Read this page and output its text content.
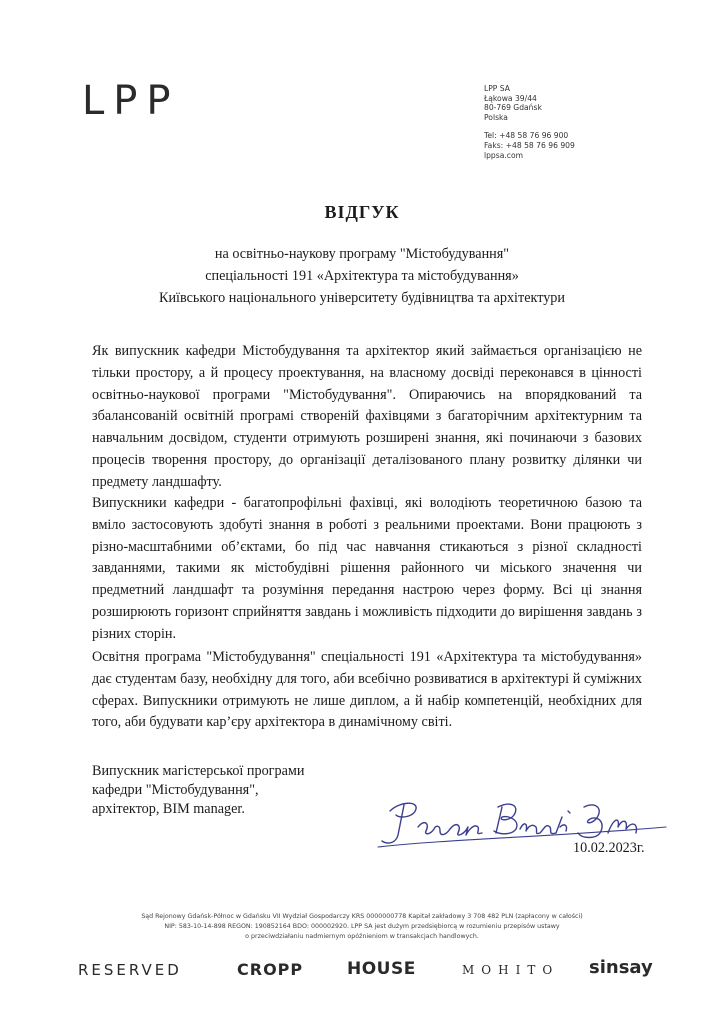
LPP	LPP SA
Łąkowa 39/44
80-769 Gdańsk
Polska
Tel: +48 58 76 96 900
Faks: +48 58 76 96 909
lppsa.com
ВІДГУК
на освітньо-наукову програму "Містобудування"
спеціальності 191 «Архітектура та містобудування»
Київського національного університету будівництва та архітектури

Як випускник кафедри Містобудування та архітектор який займається організацією не тільки простору, а й процесу проектування, на власному досвіді переконався в цінності освітньо-наукової програми "Містобудування". Опираючись на впорядкований та збалансованій освітній програмі створеній фахівцями з багаторічним архітектурним та навчальним досвідом, студенти отримують розширені знання, які починаючи з базових процесів творення простору, до організації деталізованого плану розвитку ділянки чи предмету ландшафту.

Випускники кафедри - багатопрофільні фахівці, які володіють теоретичною базою та вміло застосовують здобуті знання в роботі з реальними проектами. Вони працюють з різно-масштабними об’єктами, бо під час навчання стикаються з різної складності завданнями, такими як містобудівні рішення районного чи міського значення чи предметний ландшафт та розуміння передання настрою через форму. Всі ці знання розширюють горизонт сприйняття завдань і можливість підходити до вирішення завдань з різних сторін.

Освітня програма "Містобудування" спеціальності 191 «Архітектура та містобудування» дає студентам базу, необхідну для того, аби всебічно розвиватися в архітектурі й суміжних сферах. Випускники отримують не лише диплом, а й набір компетенцій, необхідних для того, аби будувати кар’єру архітектора в динамічному світі.

Випускник магістерської програми
кафедри "Містобудування",
архітектор, BIM manager.
10.02.2023г.
Sąd Rejonowy Gdańsk-Północ w Gdańsku VII Wydział Gospodarczy KRS 0000000778 Kapitał zakładowy 3 708 482 PLN (zapłacony w całości)
NIP: 583-10-14-898 REGON: 190852164 BDO: 000002920. LPP SA jest dużym przedsiębiorcą w rozumieniu przepisów ustawy
o przeciwdziałaniu nadmiernym opóźnieniom w transakcjach handlowych.
RESERVED	CROPP	HOUSE	MOHITO sinsay
